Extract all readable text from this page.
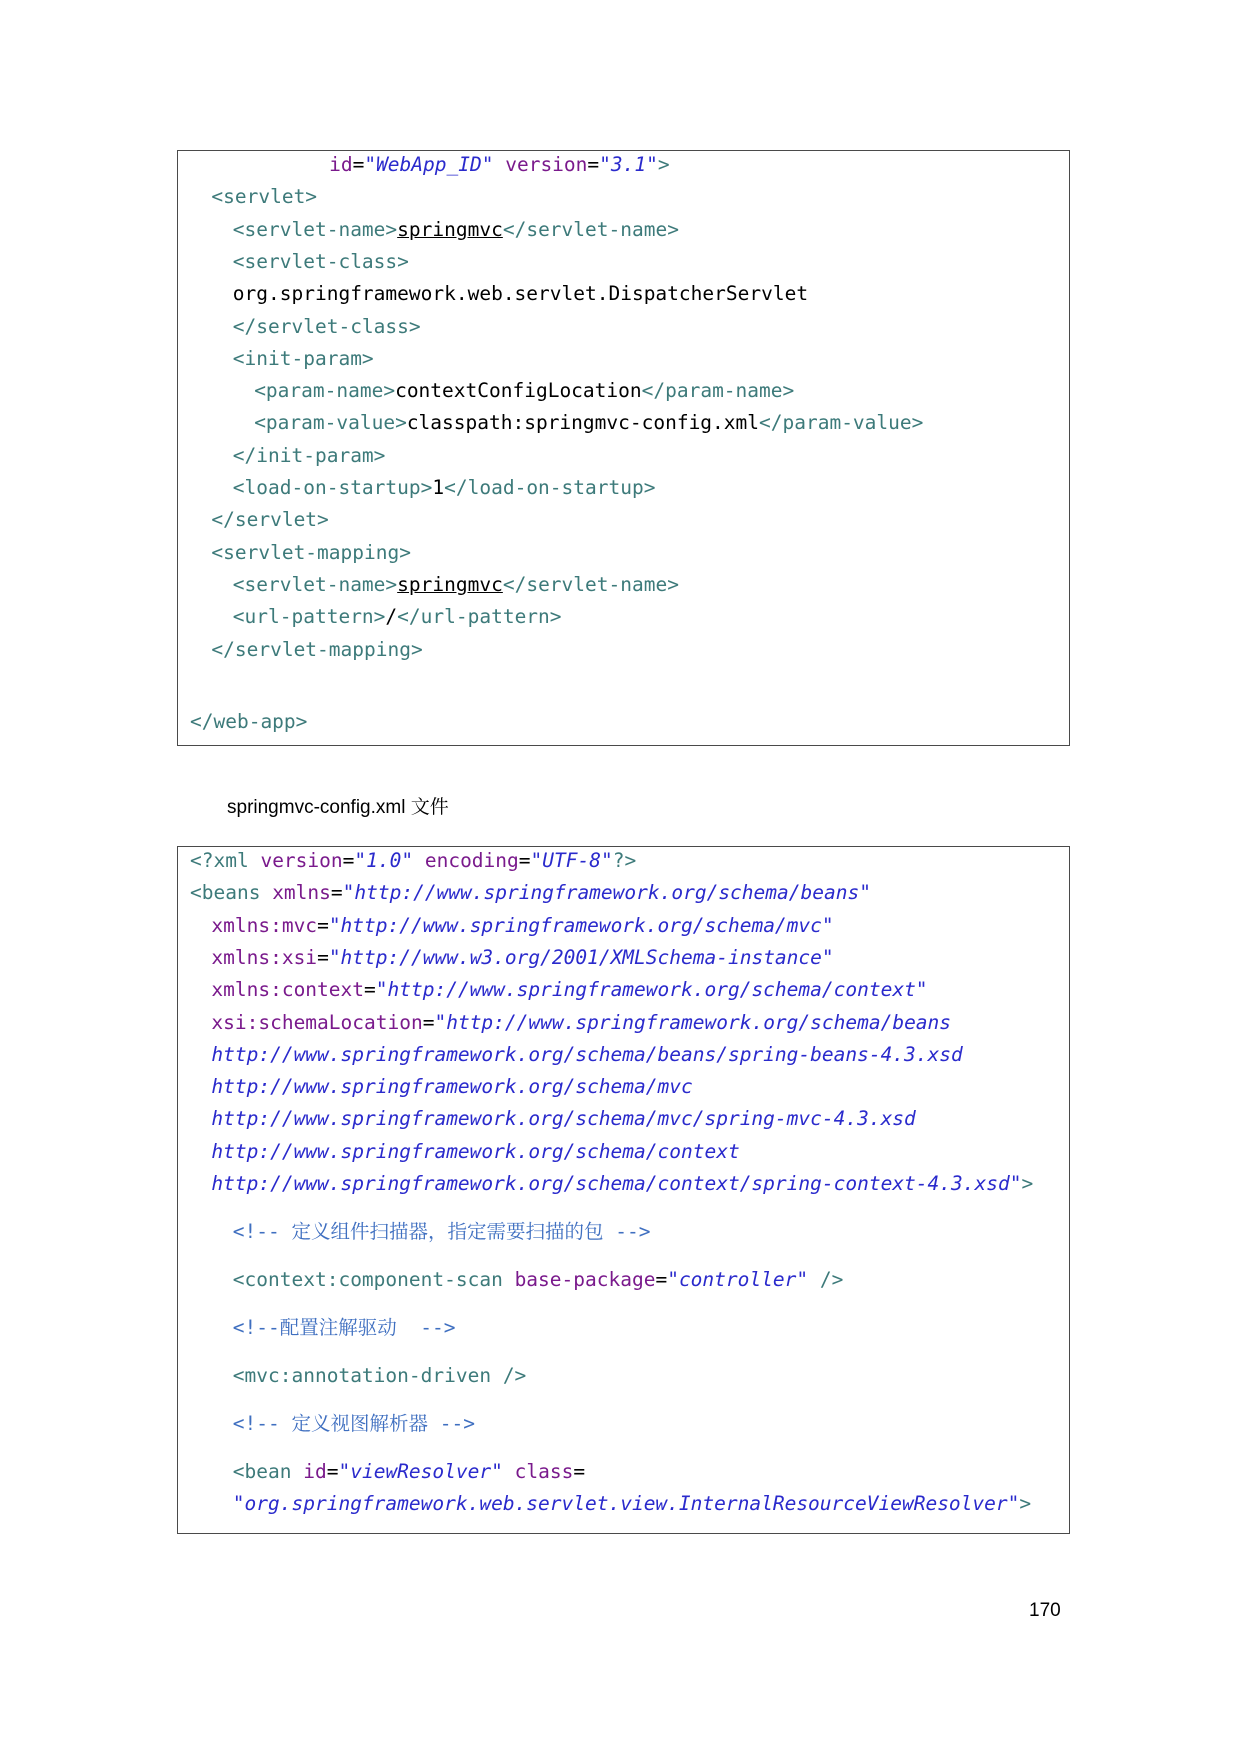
id="WebApp_ID" version="3.1">
<servlet>
<servlet-name>springmvc</servlet-name>
<servlet-class>
org.springframework.web.servlet.DispatcherServlet
</servlet-class>
<init-param>
<param-name>contextConfigLocation</param-name>
<param-value>classpath:springmvc-config.xml</param-value>
</init-param>
<load-on-startup>1</load-on-startup>
</servlet>
<servlet-mapping>
<servlet-name>springmvc</servlet-name>
<url-pattern>/</url-pattern>
</servlet-mapping>
</web-app>
springmvc-config.xml 文件
<?xml version="1.0" encoding="UTF-8"?>
<beans xmlns="http://www.springframework.org/schema/beans"
xmlns:mvc="http://www.springframework.org/schema/mvc"
xmlns:xsi="http://www.w3.org/2001/XMLSchema-instance"
xmlns:context="http://www.springframework.org/schema/context"
xsi:schemaLocation="http://www.springframework.org/schema/beans
http://www.springframework.org/schema/beans/spring-beans-4.3.xsd
http://www.springframework.org/schema/mvc
http://www.springframework.org/schema/mvc/spring-mvc-4.3.xsd
http://www.springframework.org/schema/context
http://www.springframework.org/schema/context/spring-context-4.3.xsd">
<!-- 定义组件扫描器，指定需要扫描的包 -->
<context:component-scan base-package="controller" />
<!--配置注解驱动  -->
<mvc:annotation-driven />
<!-- 定义视图解析器 -->
<bean id="viewResolver" class=
"org.springframework.web.servlet.view.InternalResourceViewResolver">
170
